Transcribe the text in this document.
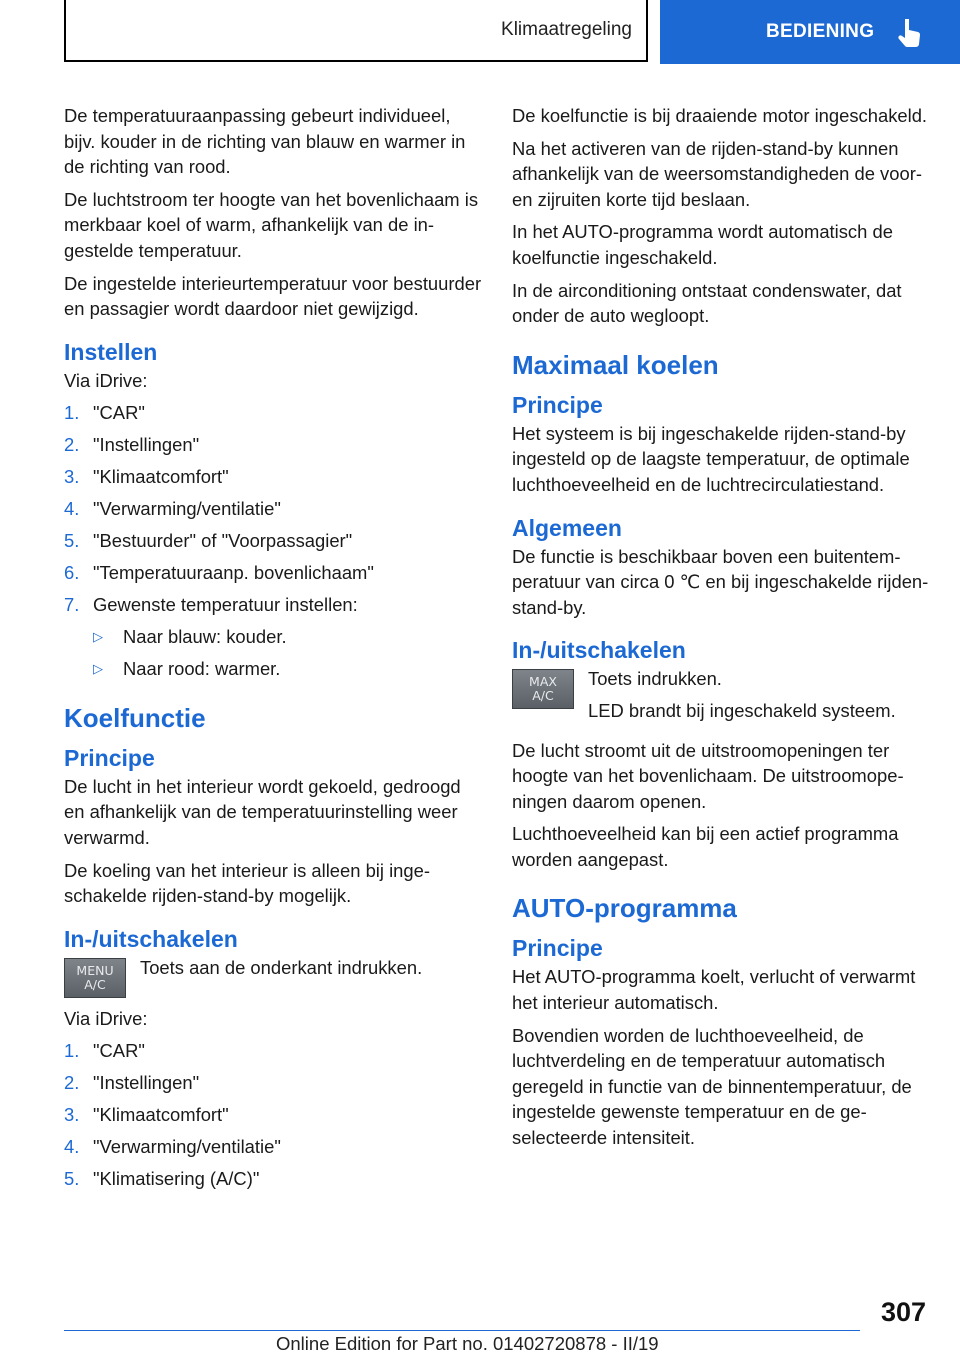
Klimaatregeling	BEDIENING

De temperatuuraanpassing gebeurt individueel, bijv. kouder in de richting van blauw en warmer in de richting van rood.

De luchtstroom ter hoogte van het bovenlichaam is merkbaar koel of warm, afhankelijk van de ingestelde temperatuur.

De ingestelde interieurtemperatuur voor bestuurder en passagier wordt daardoor niet gewijzigd.

Instellen

Via iDrive:

1. "CAR"
2. "Instellingen"
3. "Klimaatcomfort"
4. "Verwarming/ventilatie"
5. "Bestuurder" of "Voorpassagier"
6. "Temperatuuraanp. bovenlichaam"
7. Gewenste temperatuur instellen:
▷	Naar blauw: kouder.
▷	Naar rood: warmer.
Koelfunctie
Principe

De lucht in het interieur wordt gekoeld, gedroogd en afhankelijk van de temperatuurinstelling weer verwarmd.

De koeling van het interieur is alleen bij ingeschakelde rijden-stand-by mogelijk.

In-/uitschakelen
MENU
A/C

Toets aan de onderkant indrukken.

Via iDrive:

1. "CAR"
2. "Instellingen"
3. "Klimaatcomfort"
4. "Verwarming/ventilatie"
5. "Klimatisering (A/C)"

De koelfunctie is bij draaiende motor ingeschakeld.

Na het activeren van de rijden-stand-by kunnen afhankelijk van de weersomstandigheden de voor- en zijruiten korte tijd beslaan.

In het AUTO-programma wordt automatisch de koelfunctie ingeschakeld.

In de airconditioning ontstaat condenswater, dat onder de auto wegloopt.

Maximaal koelen
Principe

Het systeem is bij ingeschakelde rijden-stand-by ingesteld op de laagste temperatuur, de optimale luchthoeveelheid en de luchtrecirculatiestand.

Algemeen

De functie is beschikbaar boven een buitentemperatuur van circa 0 ℃ en bij ingeschakelde rijden-stand-by.

In-/uitschakelen
MAX
A/C

Toets indrukken.

LED brandt bij ingeschakeld systeem.

De lucht stroomt uit de uitstroomopeningen ter hoogte van het bovenlichaam. De uitstroomopeningen daarom openen.

Luchthoeveelheid kan bij een actief programma worden aangepast.

AUTO-programma
Principe

Het AUTO-programma koelt, verlucht of verwarmt het interieur automatisch.

Bovendien worden de luchthoeveelheid, de luchtverdeling en de temperatuur automatisch geregeld in functie van de binnentemperatuur, de ingestelde gewenste temperatuur en de geselecteerde intensiteit.

307
Online Edition for Part no. 01402720878 - II/19
